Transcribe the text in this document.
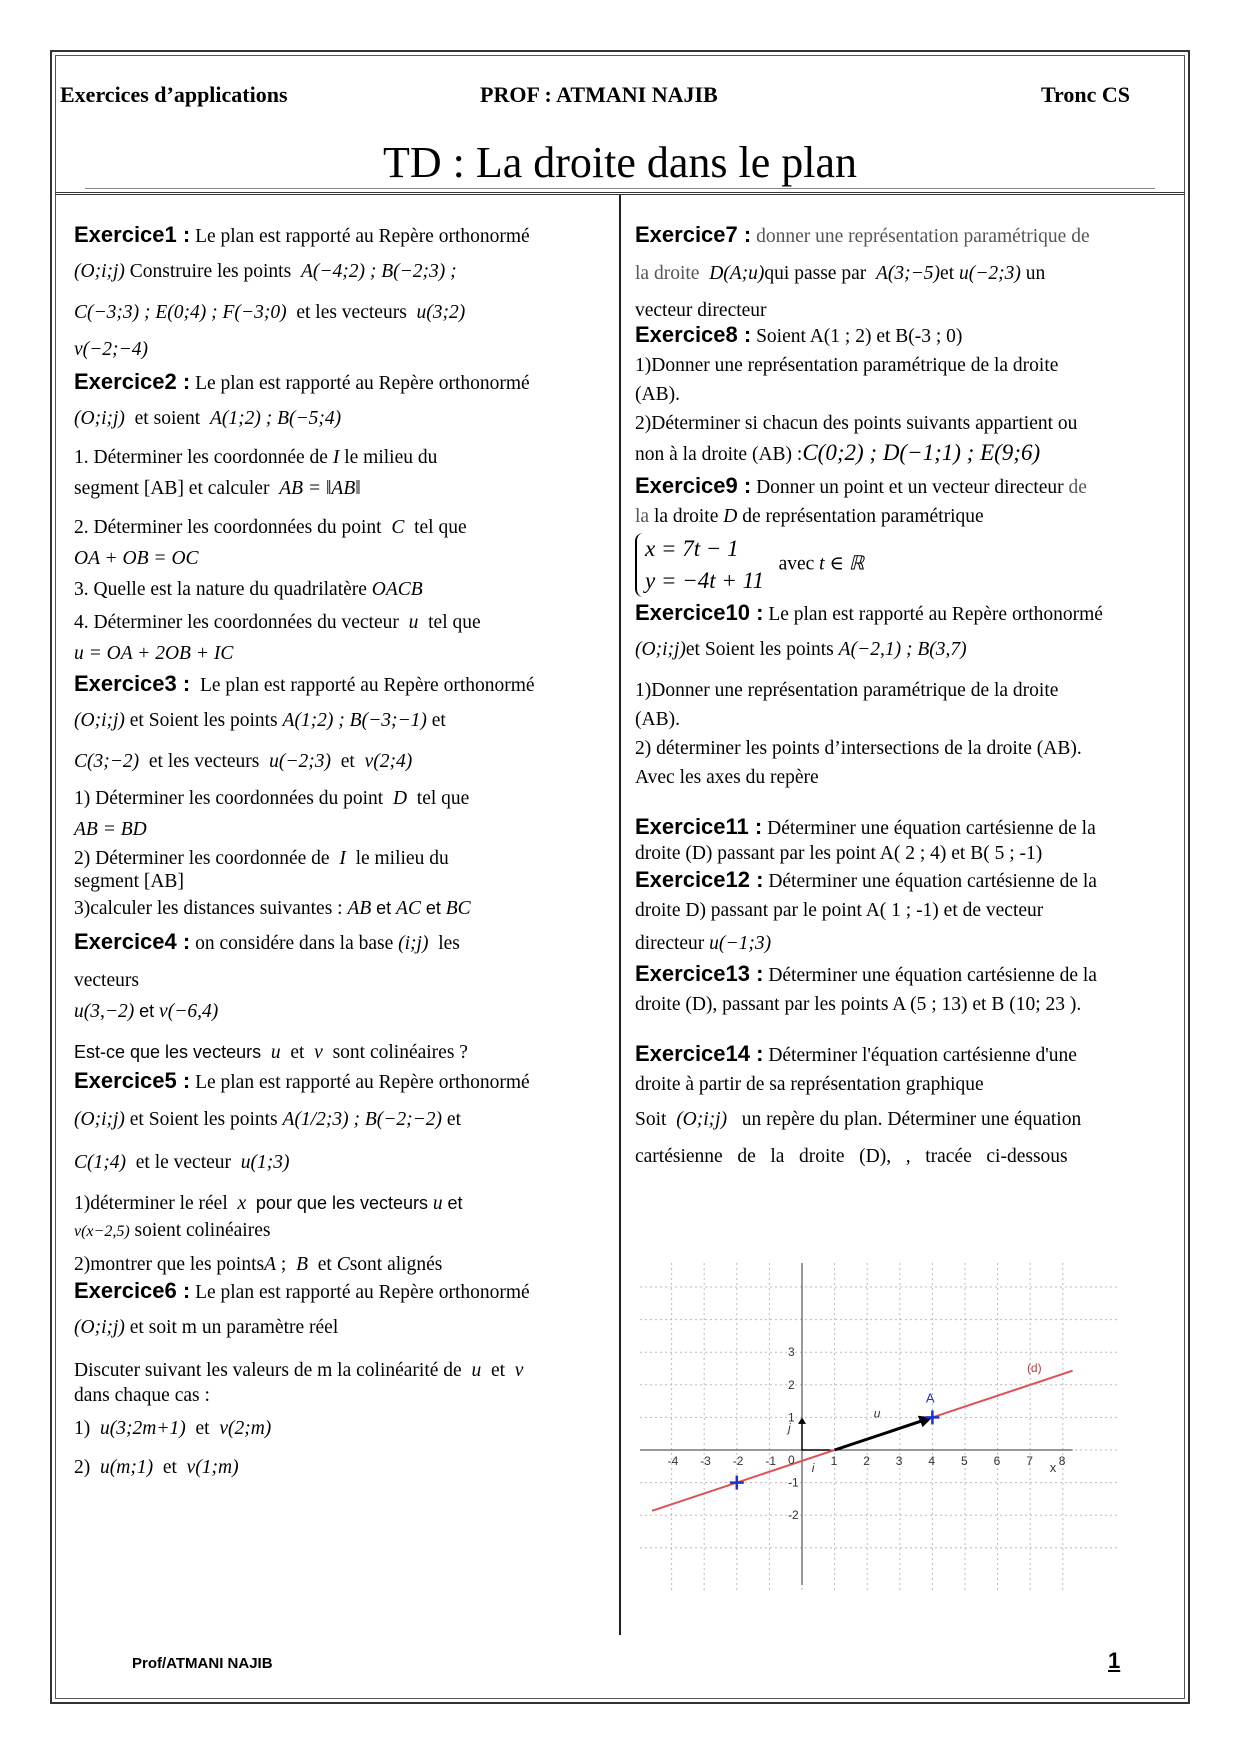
Exercices d’applications	PROF : ATMANI NAJIB	Tronc CS
TD : La droite dans le plan

Exercice1 : Le plan est rapporté au Repère orthonormé

(O;i;j) Construire les points A(−4;2) ; B(−2;3) ;

C(−3;3) ; E(0;4) ; F(−3;0) et les vecteurs u(3;2)

v(−2;−4)

Exercice2 : Le plan est rapporté au Repère orthonormé

(O;i;j) et soient A(1;2) ; B(−5;4)

1. Déterminer les coordonnée de I le milieu du

segment [AB] et calculer AB = ‖AB‖

2. Déterminer les coordonnées du point C tel que

OA + OB = OC

3. Quelle est la nature du quadrilatère OACB

4. Déterminer les coordonnées du vecteur u tel que

u = OA + 2OB + IC

Exercice3 : Le plan est rapporté au Repère orthonormé

(O;i;j) et Soient les points A(1;2) ; B(−3;−1) et

C(3;−2) et les vecteurs u(−2;3) et v(2;4)

1) Déterminer les coordonnées du point D tel que

AB = BD

2) Déterminer les coordonnée de I le milieu du

segment [AB]

3)calculer les distances suivantes : AB et AC et BC

Exercice4 : on considére dans la base (i;j) les

vecteurs

u(3,−2) et v(−6,4)

Est-ce que les vecteurs u et v sont colinéaires ?

Exercice5 : Le plan est rapporté au Repère orthonormé

(O;i;j) et Soient les points A(1/2;3) ; B(−2;−2) et

C(1;4) et le vecteur u(1;3)

1)déterminer le réel x pour que les vecteurs u et

v(x−2,5) soient colinéaires

2)montrer que les pointsA ; B et Csont alignés

Exercice6 : Le plan est rapporté au Repère orthonormé

(O;i;j) et soit m un paramètre réel

Discuter suivant les valeurs de m la colinéarité de u et v

dans chaque cas :

1) u(3;2m+1) et v(2;m)

2) u(m;1) et v(1;m)

Exercice7 : donner une représentation paramétrique de

la droite D(A;u)qui passe par A(3;−5)et u(−2;3) un

vecteur directeur

Exercice8 : Soient A(1 ; 2) et B(-3 ; 0)

1)Donner une représentation paramétrique de la droite

(AB).

2)Déterminer si chacun des points suivants appartient ou

non à la droite (AB) :C(0;2) ; D(−1;1) ; E(9;6)

Exercice9 : Donner un point et un vecteur directeur de

la la droite D de représentation paramétrique

x = 7t − 1
y = −4t + 11   avec t ∈ ℝ

Exercice10 : Le plan est rapporté au Repère orthonormé

(O;i;j)et Soient les points A(−2,1) ; B(3,7)

1)Donner une représentation paramétrique de la droite

(AB).

2) déterminer les points d’intersections de la droite (AB).

Avec les axes du repère

Exercice11 : Déterminer une équation cartésienne de la

droite (D) passant par les point A( 2 ; 4) et B( 5 ; -1)

Exercice12 : Déterminer une équation cartésienne de la

droite D) passant par le point A( 1 ; -1) et de vecteur

directeur u(−1;3)

Exercice13 : Déterminer une équation cartésienne de la

droite (D), passant par les points A (5 ; 13) et B (10; 23 ).

Exercice14 : Déterminer l'équation cartésienne d'une

droite à partir de sa représentation graphique

Soit (O;i;j) un repère du plan. Déterminer une équation

cartésienne   de   la   droite   (D),   ,   tracée   ci-dessous

-4 -3 -2 -1	1 2 3 4 5 6 7 8
3
2
1
-1
-2
(d)
A
u
i
j
0	x
Prof/ATMANI NAJIB	1
